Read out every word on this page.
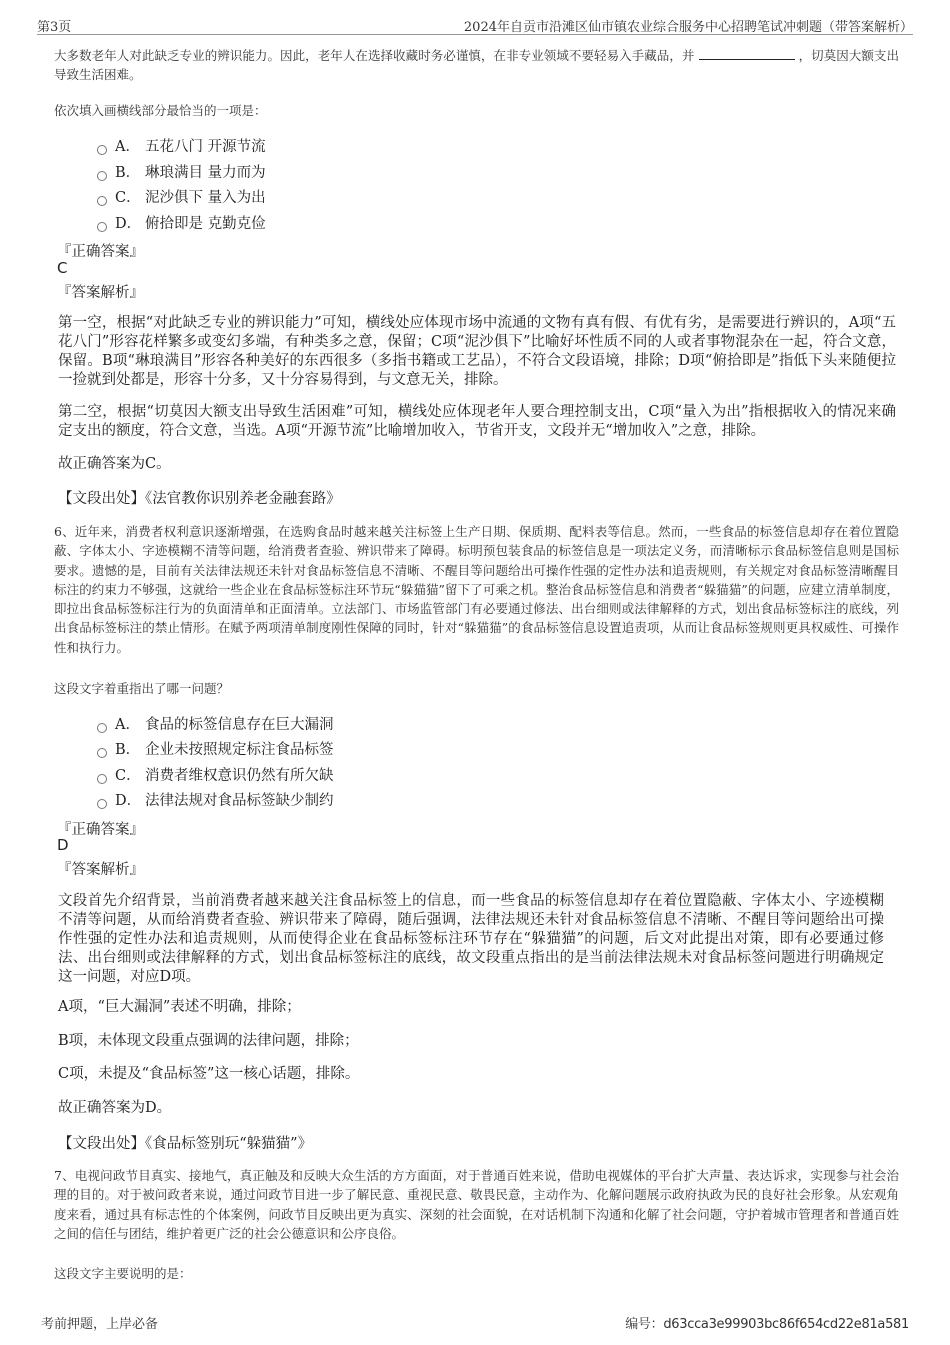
第3页	2024年自贡市沿滩区仙市镇农业综合服务中心招聘笔试冲刺题（带答案解析）
大多数老年人对此缺乏专业的辨识能力。因此，老年人在选择收藏时务必谨慎，在非专业领域不要轻易入手藏品，并	，切莫因大额支出导致生活困难。
依次填入画横线部分最恰当的一项是：
A． 五花八门 开源节流
B． 琳琅满目 量力而为
C． 泥沙俱下 量入为出
D． 俯拾即是 克勤克俭
『正确答案』
C
『答案解析』
第一空，根据“对此缺乏专业的辨识能力”可知，横线处应体现市场中流通的文物有真有假、有优有劣，是需要进行辨识的，A项“五花八门”形容花样繁多或变幻多端，有种类多之意，保留；C项“泥沙俱下”比喻好坏性质不同的人或者事物混杂在一起，符合文意，保留。B项“琳琅满目”形容各种美好的东西很多（多指书籍或工艺品），不符合文段语境，排除；D项“俯拾即是”指低下头来随便拉一捡就到处都是，形容十分多，又十分容易得到，与文意无关，排除。
第二空，根据“切莫因大额支出导致生活困难”可知，横线处应体现老年人要合理控制支出，C项“量入为出”指根据收入的情况来确定支出的额度，符合文意，当选。A项“开源节流”比喻增加收入，节省开支，文段并无“增加收入”之意，排除。
故正确答案为C。
【文段出处】《法官教你识别养老金融套路》
6、近年来，消费者权利意识逐渐增强，在选购食品时越来越关注标签上生产日期、保质期、配料表等信息。然而，一些食品的标签信息却存在着位置隐蔽、字体太小、字迹模糊不清等问题，给消费者查验、辨识带来了障碍。标明预包装食品的标签信息是一项法定义务，而清晰标示食品标签信息则是国标要求。遗憾的是，目前有关法律法规还未针对食品标签信息不清晰、不醒目等问题给出可操作性强的定性办法和追责规则，有关规定对食品标签清晰醒目标注的约束力不够强，这就给一些企业在食品标签标注环节玩“躲猫猫”留下了可乘之机。整治食品标签信息和消费者“躲猫猫”的问题，应建立清单制度，即拉出食品标签标注行为的负面清单和正面清单。立法部门、市场监管部门有必要通过修法、出台细则或法律解释的方式，划出食品标签标注的底线，列出食品标签标注的禁止情形。在赋予两项清单制度刚性保障的同时，针对“躲猫猫”的食品标签信息设置追责项，从而让食品标签规则更具权威性、可操作性和执行力。
这段文字着重指出了哪一问题？
A． 食品的标签信息存在巨大漏洞
B． 企业未按照规定标注食品标签
C． 消费者维权意识仍然有所欠缺
D． 法律法规对食品标签缺少制约
『正确答案』
D
『答案解析』
文段首先介绍背景，当前消费者越来越关注食品标签上的信息，而一些食品的标签信息却存在着位置隐蔽、字体太小、字迹模糊不清等问题，从而给消费者查验、辨识带来了障碍，随后强调，法律法规还未针对食品标签信息不清晰、不醒目等问题给出可操作性强的定性办法和追责规则，从而使得企业在食品标签标注环节存在“躲猫猫”的问题，后文对此提出对策，即有必要通过修法、出台细则或法律解释的方式，划出食品标签标注的底线，故文段重点指出的是当前法律法规未对食品标签问题进行明确规定这一问题，对应D项。
A项，“巨大漏洞”表述不明确，排除；
B项，未体现文段重点强调的法律问题，排除；
C项，未提及“食品标签”这一核心话题，排除。
故正确答案为D。
【文段出处】《食品标签别玩“躲猫猫”》
7、电视问政节目真实、接地气，真正触及和反映大众生活的方方面面，对于普通百姓来说，借助电视媒体的平台扩大声量、表达诉求，实现参与社会治理的目的。对于被问政者来说，通过问政节目进一步了解民意、重视民意、敬畏民意，主动作为、化解问题展示政府执政为民的良好社会形象。从宏观角度来看，通过具有标志性的个体案例，问政节目反映出更为真实、深刻的社会面貌，在对话机制下沟通和化解了社会问题，守护着城市管理者和普通百姓之间的信任与团结，维护着更广泛的社会公德意识和公序良俗。
这段文字主要说明的是：
考前押题，上岸必备	编号：d63cca3e99903bc86f654cd22e81a581
